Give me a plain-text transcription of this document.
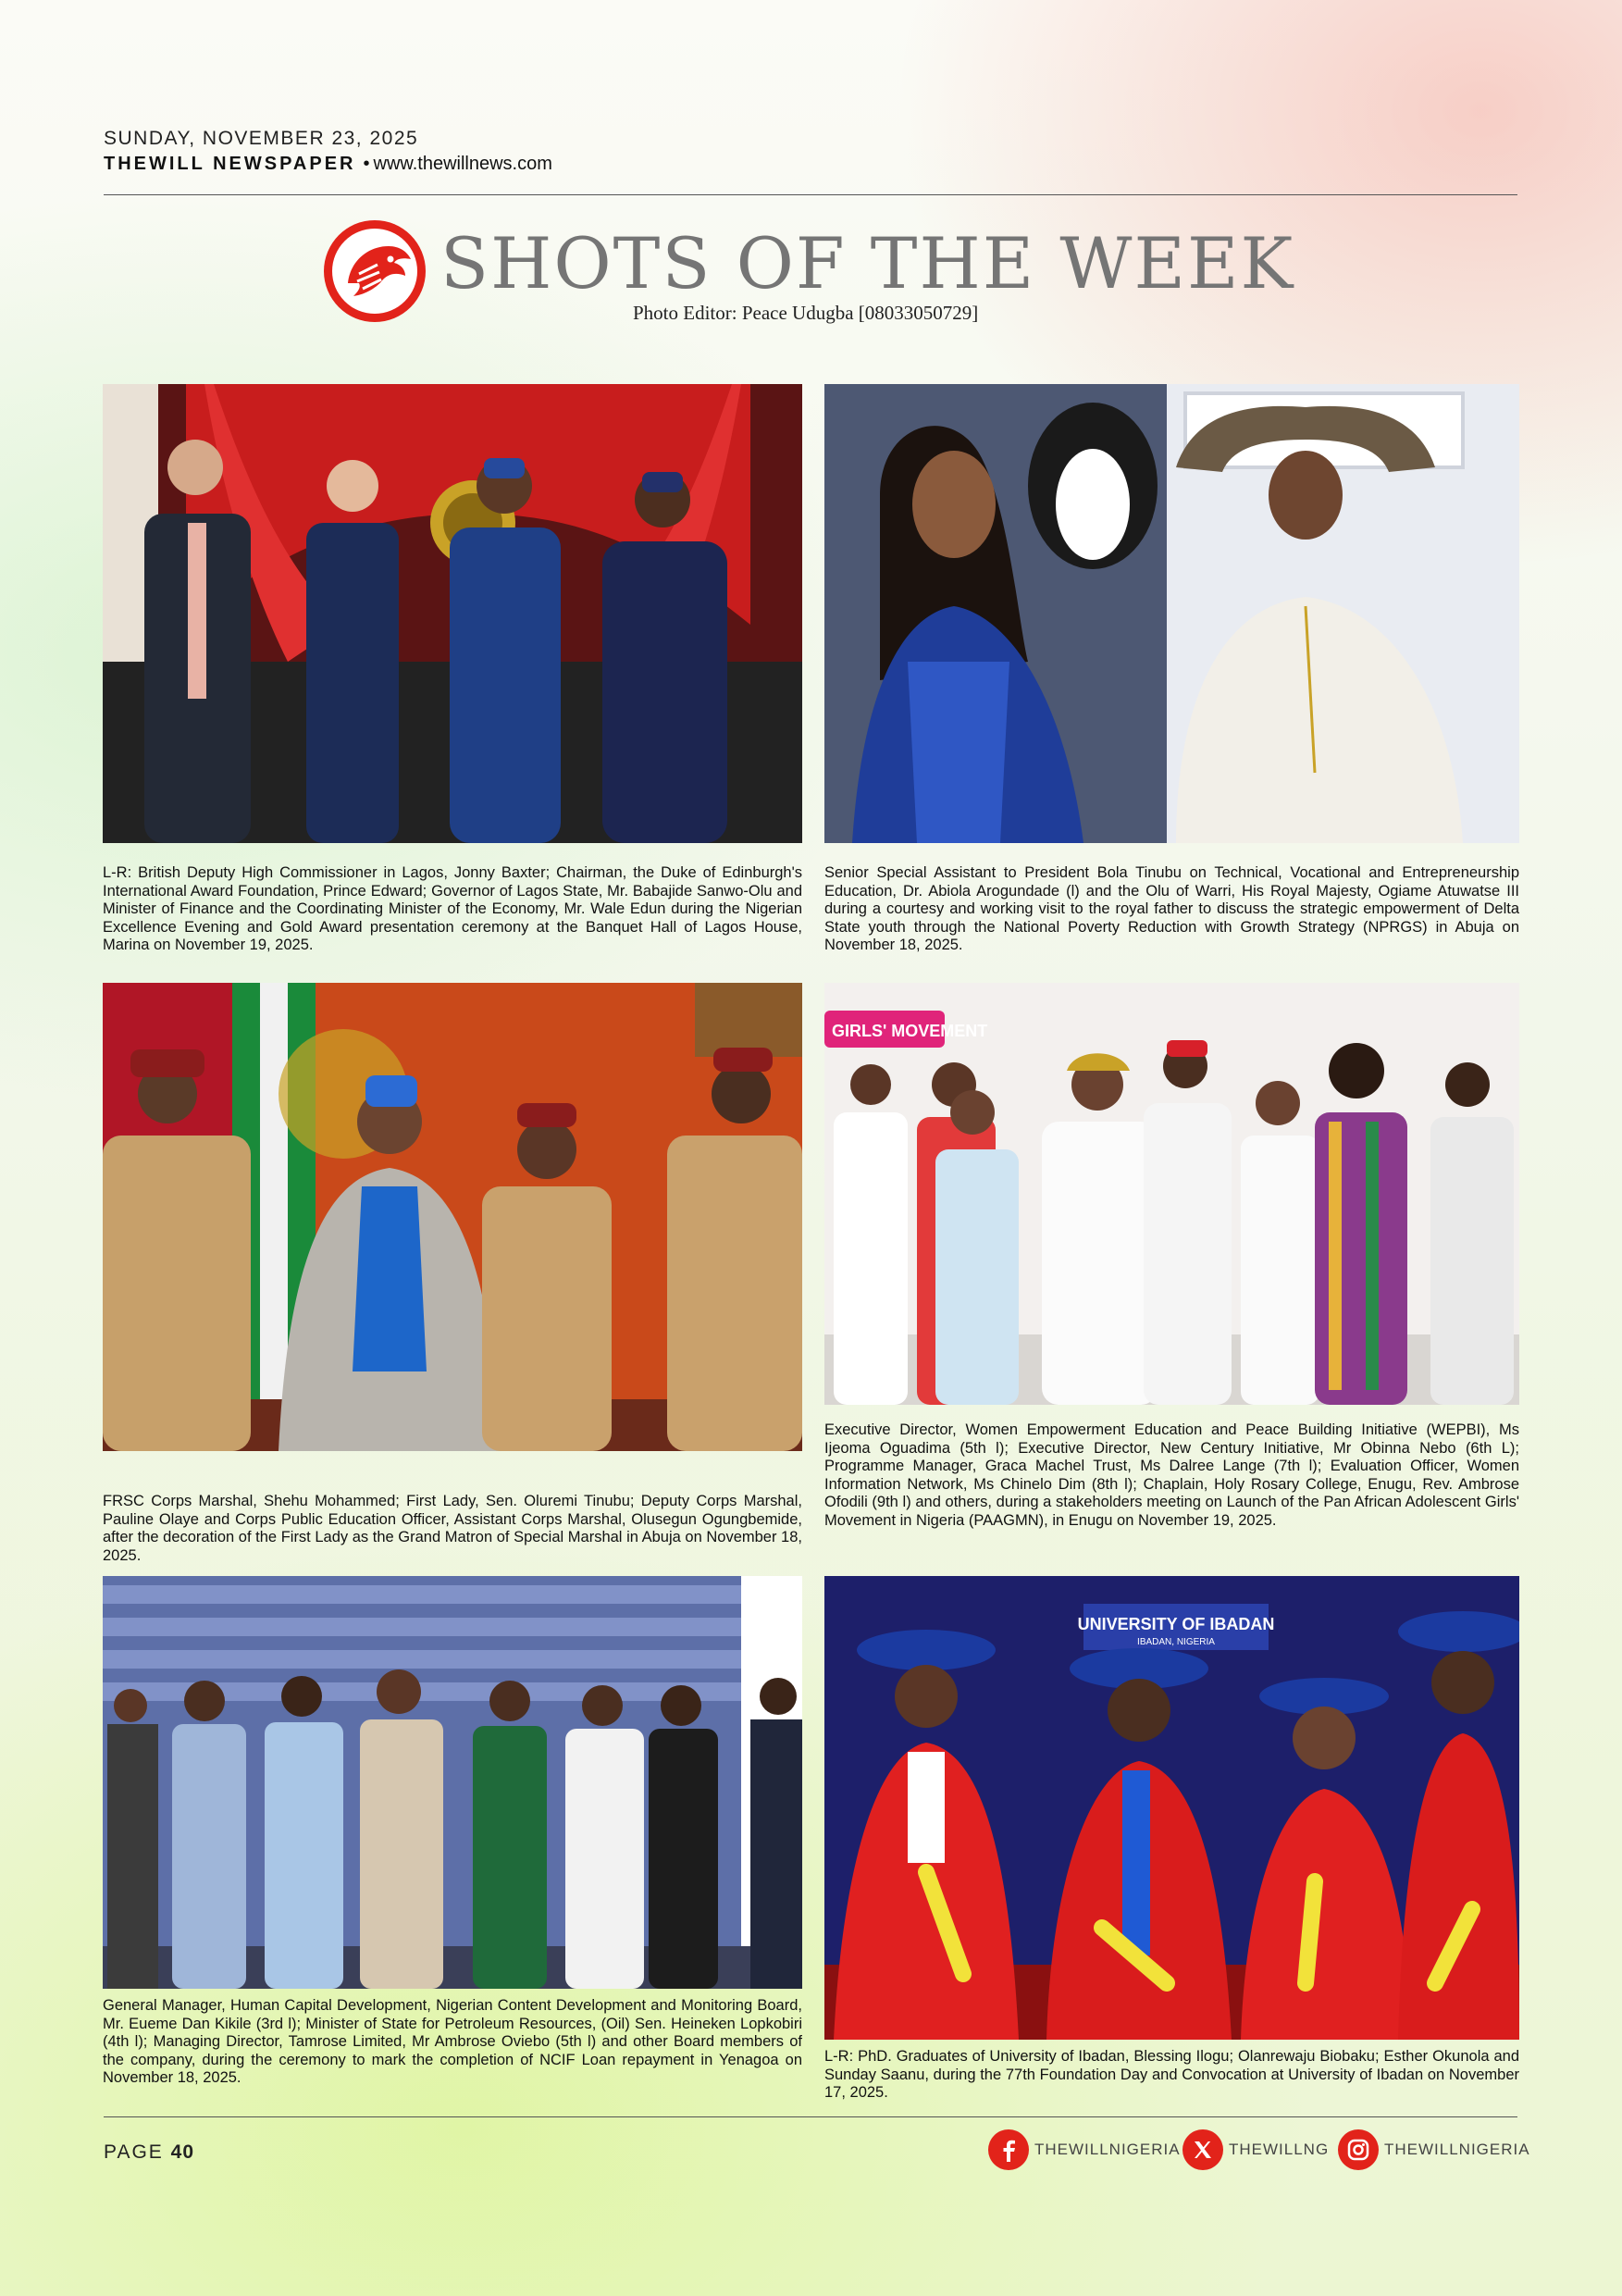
SUNDAY, NOVEMBER 23, 2025
THEWILL NEWSPAPER • www.thewillnews.com
SHOTS OF THE WEEK
Photo Editor: Peace Udugba [08033050729]
L-R: British Deputy High Commissioner in Lagos, Jonny Baxter; Chairman, the Duke of Edinburgh's International Award Foundation, Prince Edward; Governor of Lagos State, Mr. Babajide Sanwo-Olu and Minister of Finance and the Coordinating Minister of the Economy, Mr. Wale Edun during the Nigerian Excellence Evening and Gold Award presentation ceremony at the Banquet Hall of Lagos House, Marina on November 19, 2025.
Senior Special Assistant to President Bola Tinubu on Technical, Vocational and Entrepreneurship Education, Dr. Abiola Arogundade (l) and the Olu of Warri, His Royal Majesty, Ogiame Atuwatse III during a courtesy and working visit to the royal father to discuss the strategic empowerment of Delta State youth through the National Poverty Reduction with Growth Strategy (NPRGS) in Abuja on November 18, 2025.
FRSC Corps Marshal, Shehu Mohammed; First Lady, Sen. Oluremi Tinubu; Deputy Corps Marshal, Pauline Olaye and Corps Public Education Officer, Assistant Corps Marshal, Olusegun Ogungbemide, after the decoration of the First Lady as the Grand Matron of Special Marshal in Abuja on November 18, 2025.
GIRLS' MOVEMENT
Executive Director, Women Empowerment Education and Peace Building Initiative (WEPBI), Ms Ijeoma Oguadima (5th l); Executive Director, New Century Initiative, Mr Obinna Nebo (6th L); Programme Manager, Graca Machel Trust, Ms Dalree Lange (7th l); Evaluation Officer, Women Information Network, Ms Chinelo Dim (8th l); Chaplain, Holy Rosary College, Enugu, Rev. Ambrose Ofodili (9th l) and others, during a stakeholders meeting on Launch of the Pan African Adolescent Girls' Movement in Nigeria (PAAGMN), in Enugu on November 19, 2025.
General Manager, Human Capital Development, Nigerian Content Development and Monitoring Board, Mr. Eueme Dan Kikile (3rd l); Minister of State for Petroleum Resources, (Oil) Sen. Heineken Lopkobiri (4th l); Managing Director, Tamrose Limited, Mr Ambrose Oviebo (5th l) and other Board members of the company, during the ceremony to mark the completion of NCIF Loan repayment in Yenagoa on November 18, 2025.
UNIVERSITY OF IBADAN
IBADAN, NIGERIA
L-R: PhD. Graduates of University of Ibadan, Blessing Ilogu; Olanrewaju Biobaku; Esther Okunola and Sunday Saanu, during the 77th Foundation Day and Convocation at University of Ibadan on November 17, 2025.
PAGE 40	THEWILLNIGERIA	THEWILLNG	THEWILLNIGERIA
